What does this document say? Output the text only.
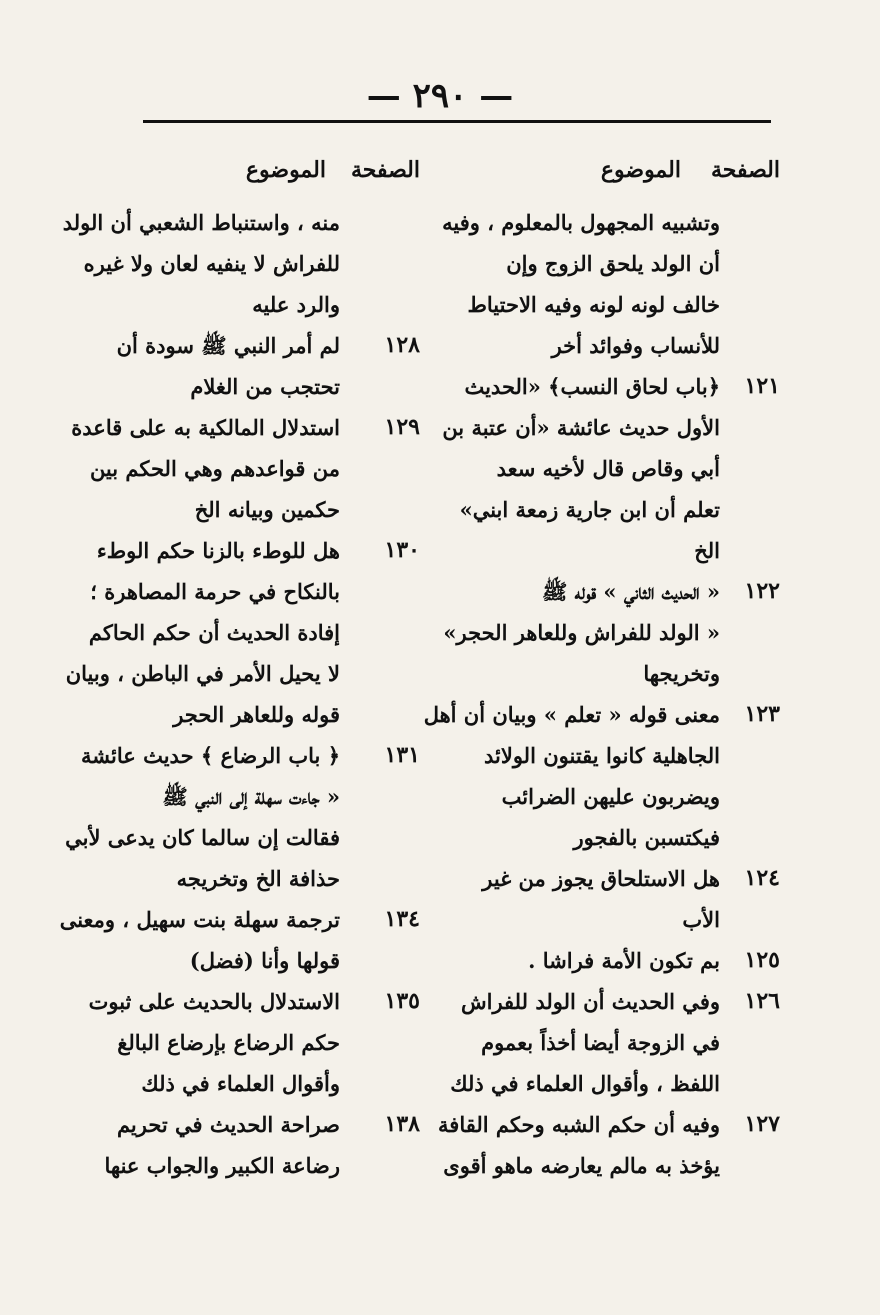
— ٢٩٠ —
الصفحة
الموضوع
وتشبيه المجهول بالمعلوم ، وفيه
أن الولد يلحق الزوج وإن
خالف لونه لونه وفيه الاحتياط
للأنساب وفوائد أخر
١٢١
﴿باب لحاق النسب﴾ «الحديث
الأول حديث عائشة «أن عتبة بن
أبي وقاص قال لأخيه سعد
تعلم أن ابن جارية زمعة ابني»
الخ
١٢٢
« الحديث الثاني » قوله ﷺ
« الولد للفراش وللعاهر الحجر»
وتخريجها
١٢٣
معنى قوله « تعلم » وبيان أن أهل
الجاهلية كانوا يقتنون الولائد
ويضربون عليهن الضرائب
فيكتسبن بالفجور
١٢٤
هل الاستلحاق يجوز من غير
الأب
١٢٥
بم تكون الأمة فراشا .
١٢٦
وفي الحديث أن الولد للفراش
في الزوجة أيضا أخذاً بعموم
اللفظ ، وأقوال العلماء في ذلك
١٢٧
وفيه أن حكم الشبه وحكم القافة
يؤخذ به مالم يعارضه ماهو أقوى
الصفحة
الموضوع
منه ، واستنباط الشعبي أن الولد
للفراش لا ينفيه لعان ولا غيره
والرد عليه
١٢٨
لم أمر النبي ﷺ سودة أن
تحتجب من الغلام
١٢٩
استدلال المالكية به على قاعدة
من قواعدهم وهي الحكم بين
حكمين وبيانه الخ
١٣٠
هل للوطء بالزنا حكم الوطء
بالنكاح في حرمة المصاهرة ؛
إفادة الحديث أن حكم الحاكم
لا يحيل الأمر في الباطن ، وبيان
قوله وللعاهر الحجر
١٣١
﴿ باب الرضاع ﴾ حديث عائشة
« جاءت سهلة إلى النبي ﷺ
فقالت إن سالما كان يدعى لأبي
حذافة الخ وتخريجه
١٣٤
ترجمة سهلة بنت سهيل ، ومعنى
قولها وأنا (فضل)
١٣٥
الاستدلال بالحديث على ثبوت
حكم الرضاع بإرضاع البالغ
وأقوال العلماء في ذلك
١٣٨
صراحة الحديث في تحريم
رضاعة الكبير والجواب عنها
